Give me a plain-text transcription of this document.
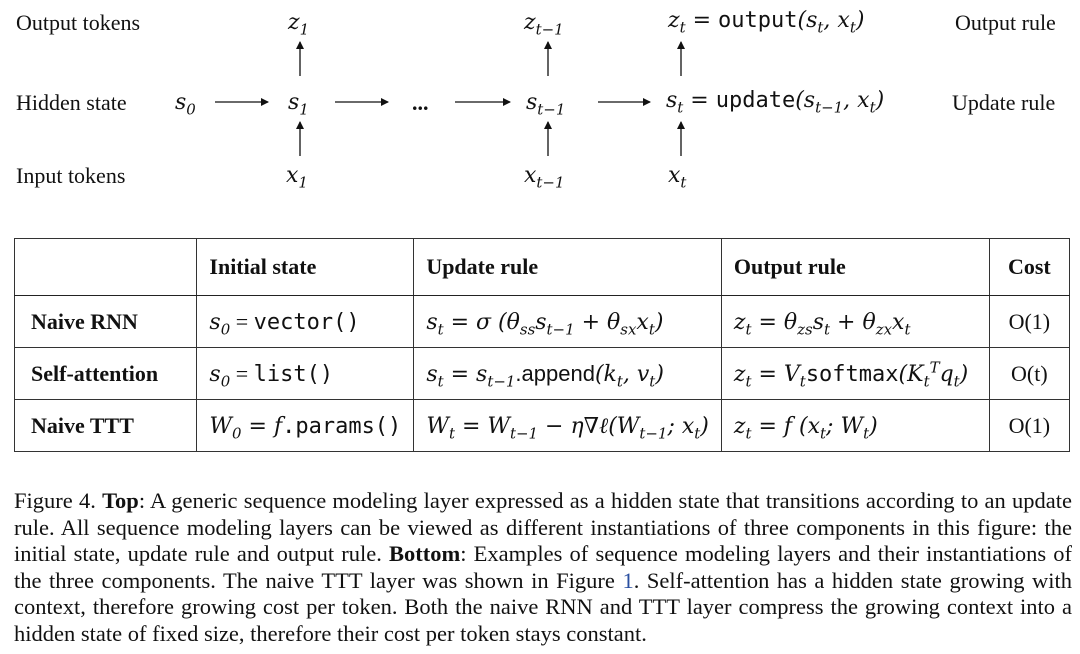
Output tokens
Hidden state
Input tokens
Output rule
Update rule
$z_1$	$z_{t-1}$	$z_t$ = $output(s_t$, $x_t$)
$s_0$	$s_1$	...	$s_{t-1}$	$s_t$ = $update(s_{t-1}$, $x_t$)
$x_1$	$x_{t-1}$	$x_t$
	Initial state	Update rule	Output rule	Cost
Naive RNN	$s_0$ = vector()	$s_t = \sigma$ $(\theta_{ss}s_{t-1} + \theta_{sx}x_t)$	$z_t = \theta_{zs}s_t + \theta_{zx}x_t$	O(1)
Self-attention	$s_0$ = list()	$s_t$ = $s_{t-1}.append(k_t$, $v_t$)	$z_t$ = $V_tsoftmax(K_t^Tq_t)$	O(t)
Naive TTT	$W_0$ = f.params()	$W_t = W_{t-1}$ − $\eta\nabla\ell(W_{t-1}$; $x_t$)	$z_t = f$ ($x_t$; $W_t$)	O(1)
Figure 4. Top: A generic sequence modeling layer expressed as a hidden state that transitions according to an update rule. All sequence modeling layers can be viewed as different instantiations of three components in this figure: the initial state, update rule and output rule. Bottom: Examples of sequence modeling layers and their instantiations of the three components. The naive TTT layer was shown in Figure 1. Self-attention has a hidden state growing with context, therefore growing cost per token. Both the naive RNN and TTT layer compress the growing context into a hidden state of fixed size, therefore their cost per token stays constant.
